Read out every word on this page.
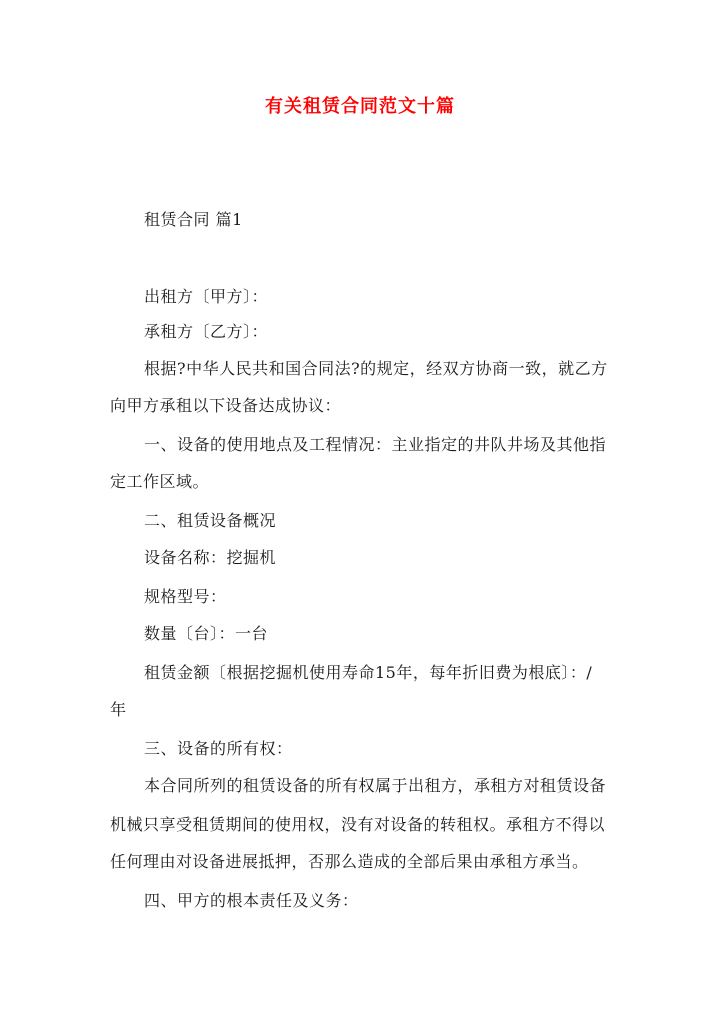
有关租赁合同范文十篇
租赁合同 篇1
出租方〔甲方〕：
承租方〔乙方〕：
根据?中华人民共和国合同法?的规定，经双方协商一致，就乙方
向甲方承租以下设备达成协议：
一、设备的使用地点及工程情况：主业指定的井队井场及其他指
定工作区域。
二、租赁设备概况
设备名称：挖掘机
规格型号：
数量〔台〕：一台
租赁金额〔根据挖掘机使用寿命15年，每年折旧费为根底〕：/
年
三、设备的所有权：
本合同所列的租赁设备的所有权属于出租方，承租方对租赁设备
机械只享受租赁期间的使用权，没有对设备的转租权。承租方不得以
任何理由对设备进展抵押，否那么造成的全部后果由承租方承当。
四、甲方的根本责任及义务：
